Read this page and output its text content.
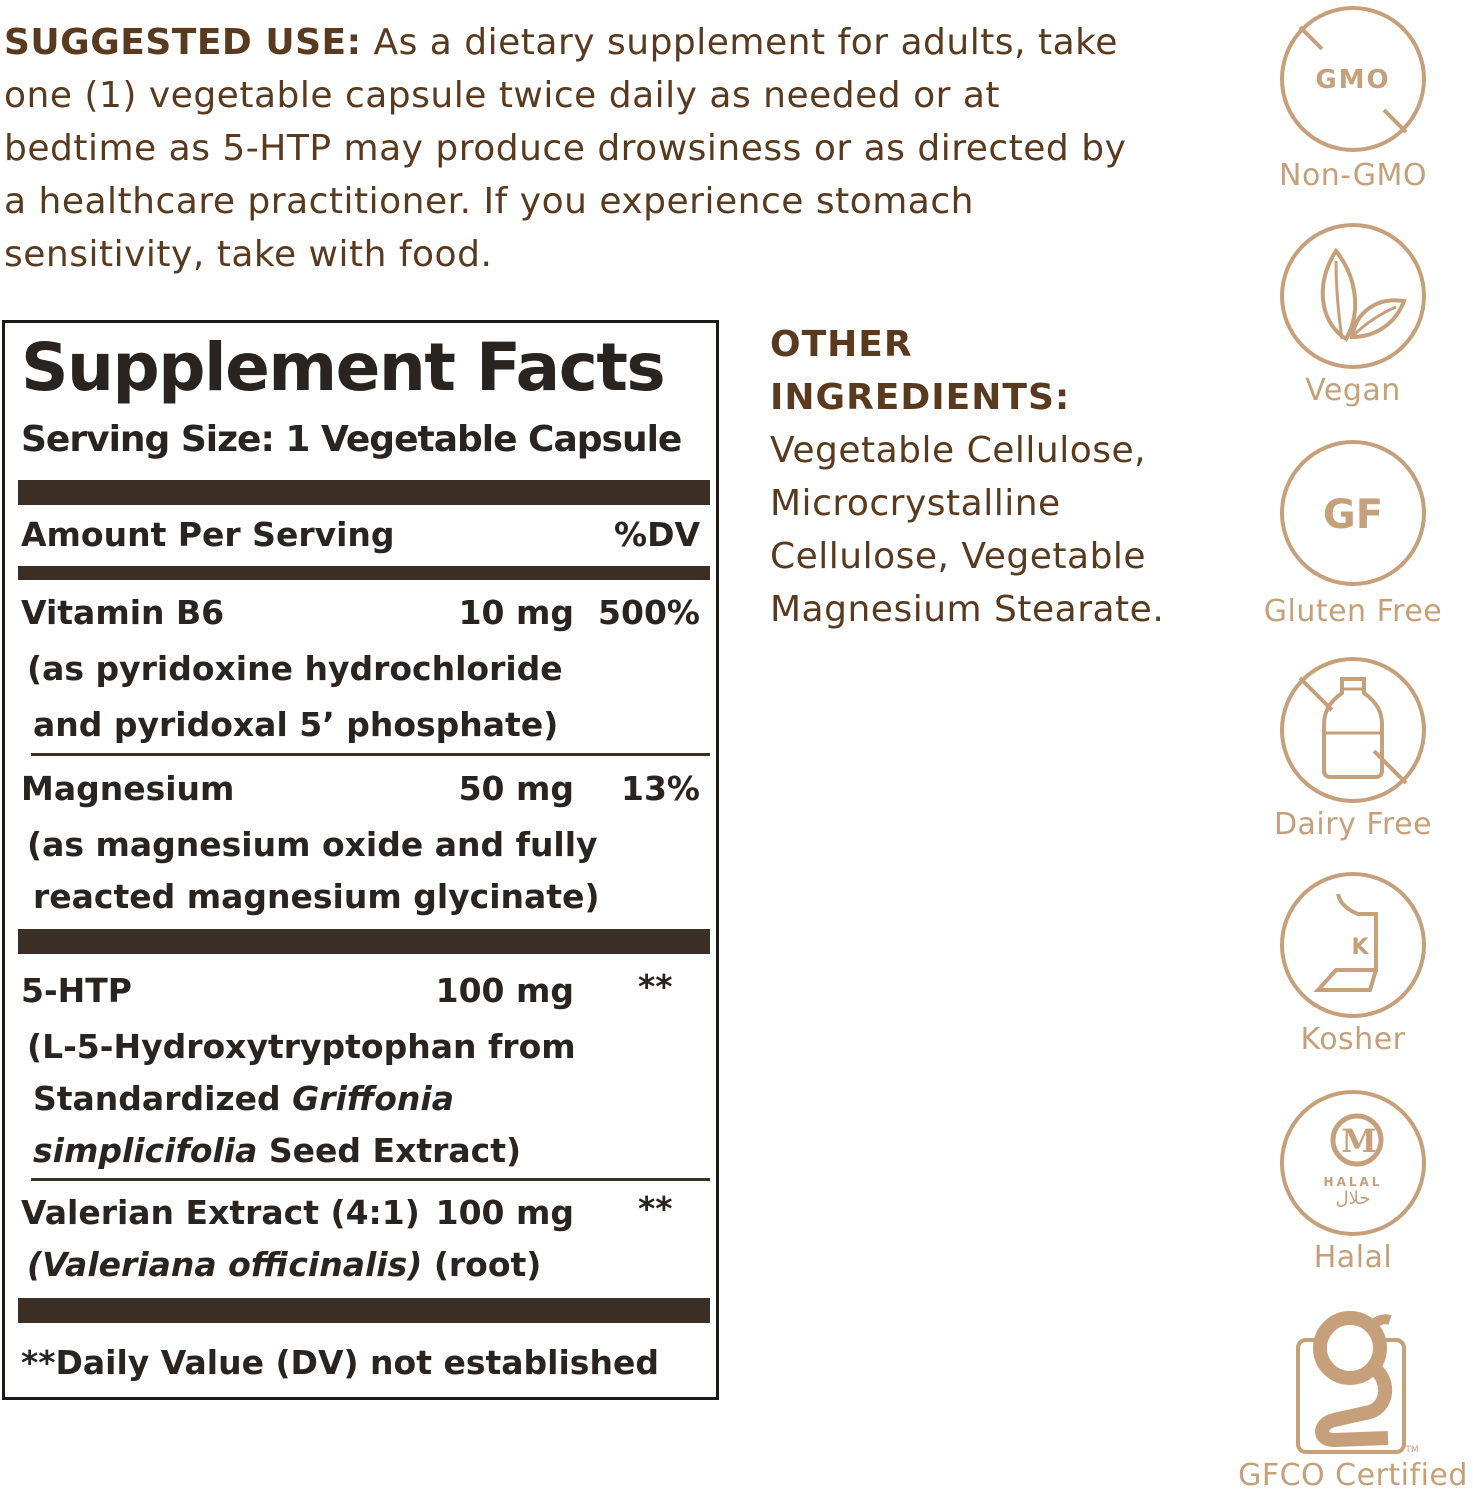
SUGGESTED USE: As a dietary supplement for adults, take one (1) vegetable capsule twice daily as needed or at bedtime as 5-HTP may produce drowsiness or as directed by a healthcare practitioner. If you experience stomach sensitivity, take with food.

Supplement Facts
Serving Size: 1 Vegetable Capsule
Amount Per Serving	%DV
Vitamin B6	10 mg 500%
(as pyridoxine hydrochloride
and pyridoxal 5’ phosphate)
Magnesium	50 mg 13%
(as magnesium oxide and fully
reacted magnesium glycinate)
5-HTP	100 mg **
(L-5-Hydroxytryptophan from
Standardized Griffonia
simplicifolia Seed Extract)
Valerian Extract (4:1) 100 mg **
(Valeriana officinalis) (root)
**Daily Value (DV) not established
OTHER
INGREDIENTS:
Vegetable Cellulose,
Microcrystalline
Cellulose, Vegetable
Magnesium Stearate.
GMO
Non-GMO
Vegan
GF
Gluten Free
Dairy Free
K
Kosher
M
HALAL
حلال
Halal
TM
GFCO Certified
